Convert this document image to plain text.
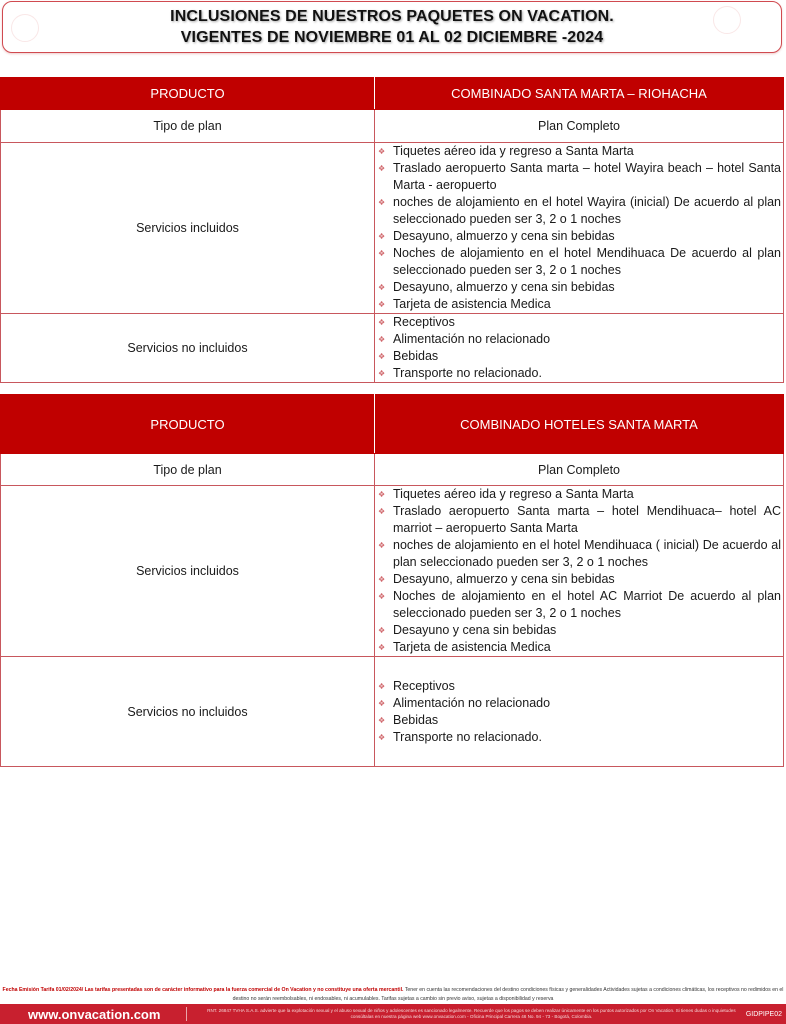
INCLUSIONES DE NUESTROS PAQUETES ON VACATION.
VIGENTES DE NOVIEMBRE 01 AL 02 DICIEMBRE -2024
PRODUCTO	COMBINADO SANTA MARTA – RIOHACHA
Tipo de plan	Plan Completo
Servicios incluidos	
❖ Tiquetes aéreo ida y regreso a Santa Marta
❖ Traslado aeropuerto Santa marta – hotel Wayira beach – hotel Santa Marta - aeropuerto
❖ noches de alojamiento en el hotel Wayira (inicial) De acuerdo al plan seleccionado pueden ser 3, 2 o 1 noches
❖ Desayuno, almuerzo y cena sin bebidas
❖ Noches de alojamiento en el hotel Mendihuaca De acuerdo al plan seleccionado pueden ser 3, 2 o 1 noches
❖ Desayuno, almuerzo y cena sin bebidas
❖ Tarjeta de asistencia Medica

Servicios no incluidos	
❖ Receptivos
❖ Alimentación no relacionado
❖ Bebidas
❖ Transporte no relacionado.
PRODUCTO	COMBINADO HOTELES SANTA MARTA
Tipo de plan	Plan Completo
Servicios incluidos	
❖ Tiquetes aéreo ida y regreso a Santa Marta
❖ Traslado aeropuerto Santa marta – hotel Mendihuaca– hotel AC marriot – aeropuerto Santa Marta
❖ noches de alojamiento en el hotel Mendihuaca ( inicial) De acuerdo al plan seleccionado pueden ser 3, 2 o 1 noches
❖ Desayuno, almuerzo y cena sin bebidas
❖ Noches de alojamiento en el hotel AC Marriot De acuerdo al plan seleccionado pueden ser 3, 2 o 1 noches
❖ Desayuno y cena sin bebidas
❖ Tarjeta de asistencia Medica

Servicios no incluidos	
❖ Receptivos
❖ Alimentación no relacionado
❖ Bebidas
❖ Transporte no relacionado.
Fecha Emisión Tarifa 01/02/2024/ Las tarifas presentadas son de carácter informativo para la fuerza comercial de On Vacation y no constituye una oferta mercantil. Tener en cuenta las recomendaciones del destino condiciones físicas y generalidades Actividades sujetas a condiciones climáticas, los receptivos no redimidos en el destino no serán reembolsables, ni endosables, ni acumulables. Tarifas sujetas a cambio sin previo aviso, sujetas a disponibilidad y reserva
www.onvacation.com	RNT. 26847 TVHA S.A.S. advierte que la explotación sexual y el abuso sexual de niños y adolescentes es sancionado legalmente. Recuerde que los pagos se deben realizar únicamente en los puntos autorizados por On Vacation. Si tienes dudas o inquietudes consúltalas en nuestra página web www.onvacation.com - Oficina Principal Carrera 46 No. 94 - 73 - Bogotá, Colombia.	GIDPIPE02
